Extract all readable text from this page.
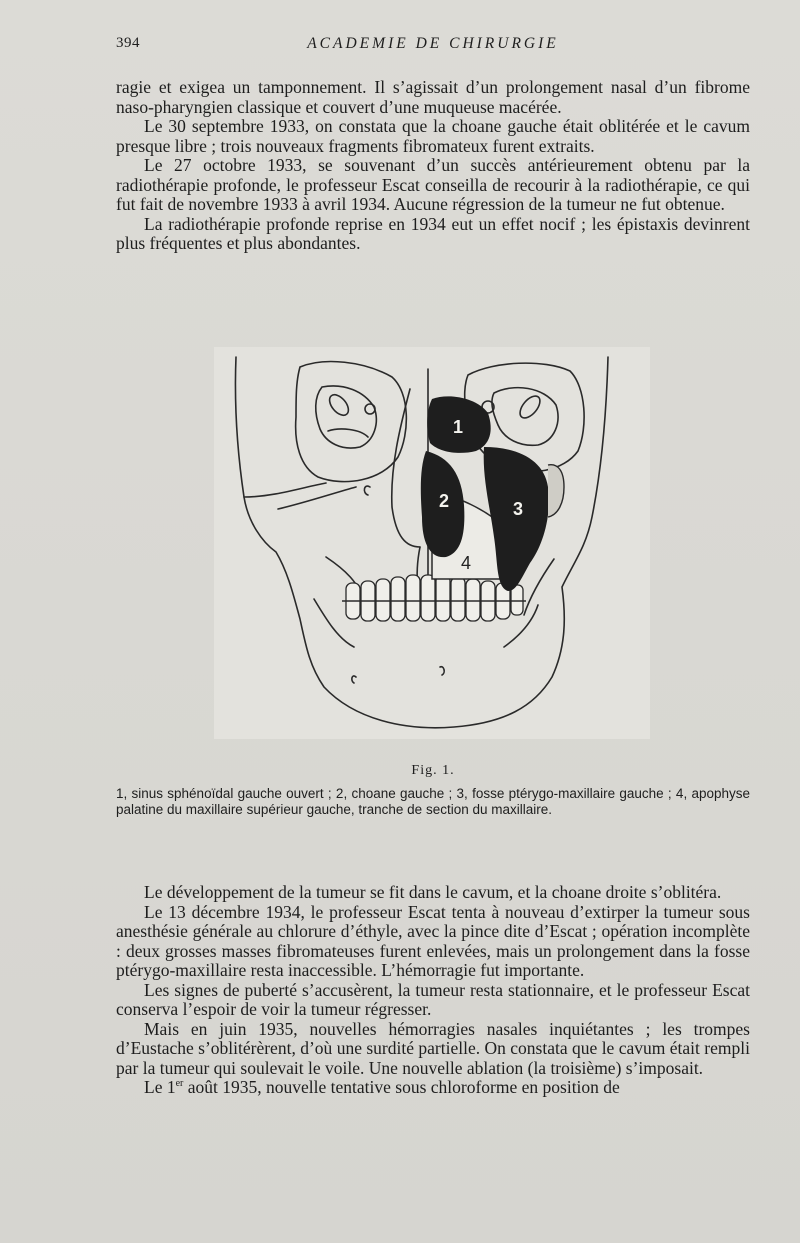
394	ACADEMIE DE CHIRURGIE

ragie et exigea un tamponnement. Il s’agissait d’un prolongement nasal d’un fibrome naso-pharyngien classique et couvert d’une muqueuse macérée.

Le 30 septembre 1933, on constata que la choane gauche était oblitérée et le cavum presque libre ; trois nouveaux fragments fibromateux furent extraits.

Le 27 octobre 1933, se souvenant d’un succès antérieurement obtenu par la radiothérapie profonde, le professeur Escat conseilla de recourir à la radiothérapie, ce qui fut fait de novembre 1933 à avril 1934. Aucune régression de la tumeur ne fut obtenue.

La radiothérapie profonde reprise en 1934 eut un effet nocif ; les épistaxis devinrent plus fréquentes et plus abondantes.

1
2	3
4
Fig. 1.
1, sinus sphénoïdal gauche ouvert ; 2, choane gauche ; 3, fosse ptérygo-maxillaire gauche ; 4, apophyse palatine du maxillaire supérieur gauche, tranche de section du maxillaire.

Le développement de la tumeur se fit dans le cavum, et la choane droite s’oblitéra.

Le 13 décembre 1934, le professeur Escat tenta à nouveau d’extirper la tumeur sous anesthésie générale au chlorure d’éthyle, avec la pince dite d’Escat ; opération incomplète : deux grosses masses fibromateuses furent enlevées, mais un prolongement dans la fosse ptérygo-maxillaire resta inaccessible. L’hémorragie fut importante.

Les signes de puberté s’accusèrent, la tumeur resta stationnaire, et le professeur Escat conserva l’espoir de voir la tumeur régresser.

Mais en juin 1935, nouvelles hémorragies nasales inquiétantes ; les trompes d’Eustache s’oblitérèrent, d’où une surdité partielle. On constata que le cavum était rempli par la tumeur qui soulevait le voile. Une nouvelle ablation (la troisième) s’imposait.

Le 1er août 1935, nouvelle tentative sous chloroforme en position de
